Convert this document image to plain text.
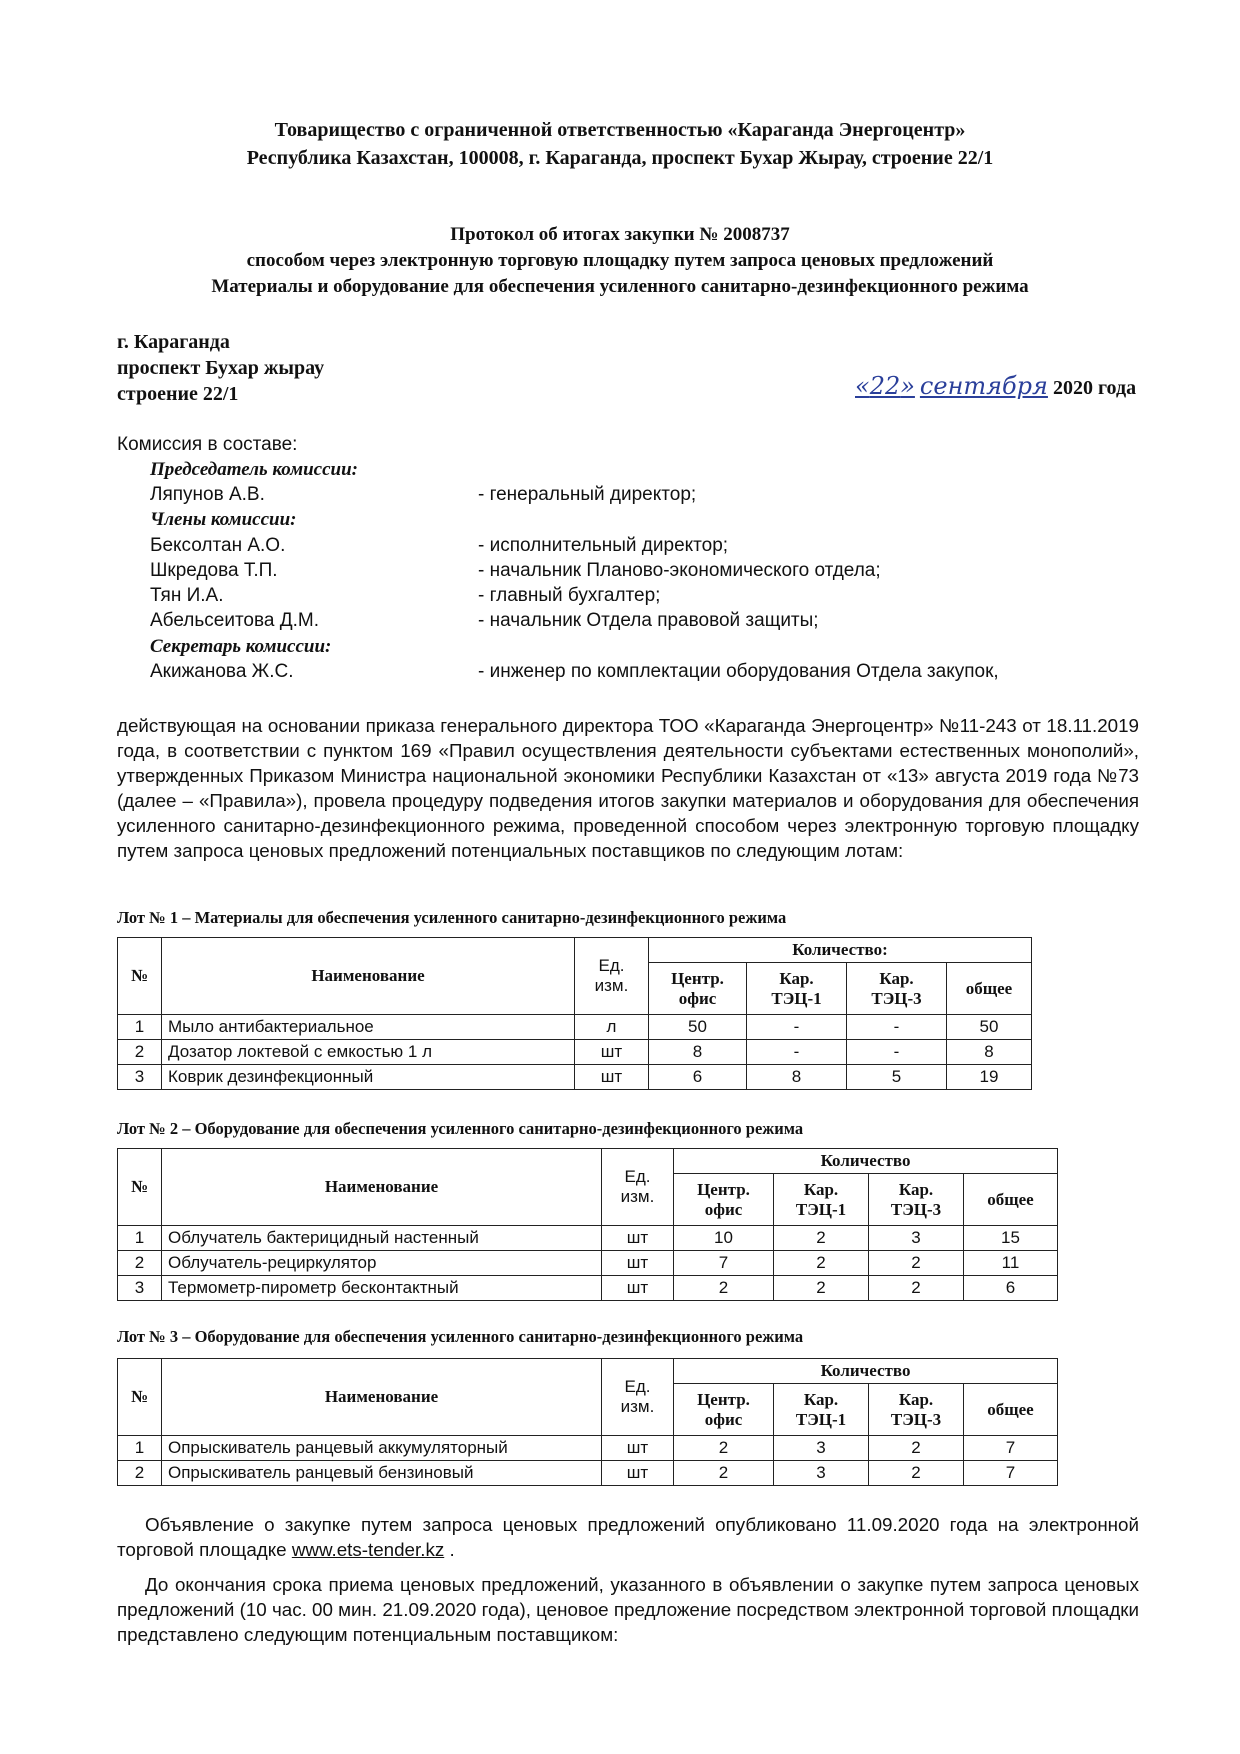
Товарищество с ограниченной ответственностью «Караганда Энергоцентр»
Республика Казахстан, 100008, г. Караганда, проспект Бухар Жырау, строение 22/1
Протокол об итогах закупки № 2008737
способом через электронную торговую площадку путем запроса ценовых предложений
Материалы и оборудование для обеспечения усиленного санитарно-дезинфекционного режима
г. Караганда
проспект Бухар жырау
строение 22/1	«22» сентября 2020 года
Комиссия в составе:
Председатель комиссии:
Ляпунов А.В.	- генеральный директор;
Члены комиссии:
Бексолтан А.О.	- исполнительный директор;
Шкредова Т.П.	- начальник Планово-экономического отдела;
Тян И.А.	- главный бухгалтер;
Абельсеитова Д.М.	- начальник Отдела правовой защиты;
Секретарь комиссии:
Акижанова Ж.С.	- инженер по комплектации оборудования Отдела закупок,
действующая на основании приказа генерального директора ТОО «Караганда Энергоцентр» №11-243 от 18.11.2019 года, в соответствии с пунктом 169 «Правил осуществления деятельности субъектами естественных монополий», утвержденных Приказом Министра национальной экономики Республики Казахстан от «13» августа 2019 года №73 (далее – «Правила»), провела процедуру подведения итогов закупки материалов и оборудования для обеспечения усиленного санитарно-дезинфекционного режима, проведенной способом через электронную торговую площадку путем запроса ценовых предложений потенциальных поставщиков по следующим лотам:
Лот № 1 – Материалы для обеспечения усиленного санитарно-дезинфекционного режима
№	Наименование	Ед. изм.	Количество:			
			Центр. офис	Кар. ТЭЦ-1	Кар. ТЭЦ-3	общее
1	Мыло антибактериальное	л	50	-	-	50
2	Дозатор локтевой с емкостью 1 л	шт	8	-	-	8
3	Коврик дезинфекционный	шт	6	8	5	19
Лот № 2 – Оборудование для обеспечения усиленного санитарно-дезинфекционного режима
№	Наименование	Ед. изм.	Количество			
			Центр. офис	Кар. ТЭЦ-1	Кар. ТЭЦ-3	общее
1	Облучатель бактерицидный настенный	шт	10	2	3	15
2	Облучатель-рециркулятор	шт	7	2	2	11
3	Термометр-пирометр бесконтактный	шт	2	2	2	6
Лот № 3 – Оборудование для обеспечения усиленного санитарно-дезинфекционного режима
№	Наименование	Ед. изм.	Количество			
			Центр. офис	Кар. ТЭЦ-1	Кар. ТЭЦ-3	общее
1	Опрыскиватель ранцевый аккумуляторный	шт	2	3	2	7
2	Опрыскиватель ранцевый бензиновый	шт	2	3	2	7
Объявление о закупке путем запроса ценовых предложений опубликовано 11.09.2020 года на электронной торговой площадке www.ets-tender.kz .
До окончания срока приема ценовых предложений, указанного в объявлении о закупке путем запроса ценовых предложений (10 час. 00 мин. 21.09.2020 года), ценовое предложение посредством электронной торговой площадки представлено следующим потенциальным поставщиком:
